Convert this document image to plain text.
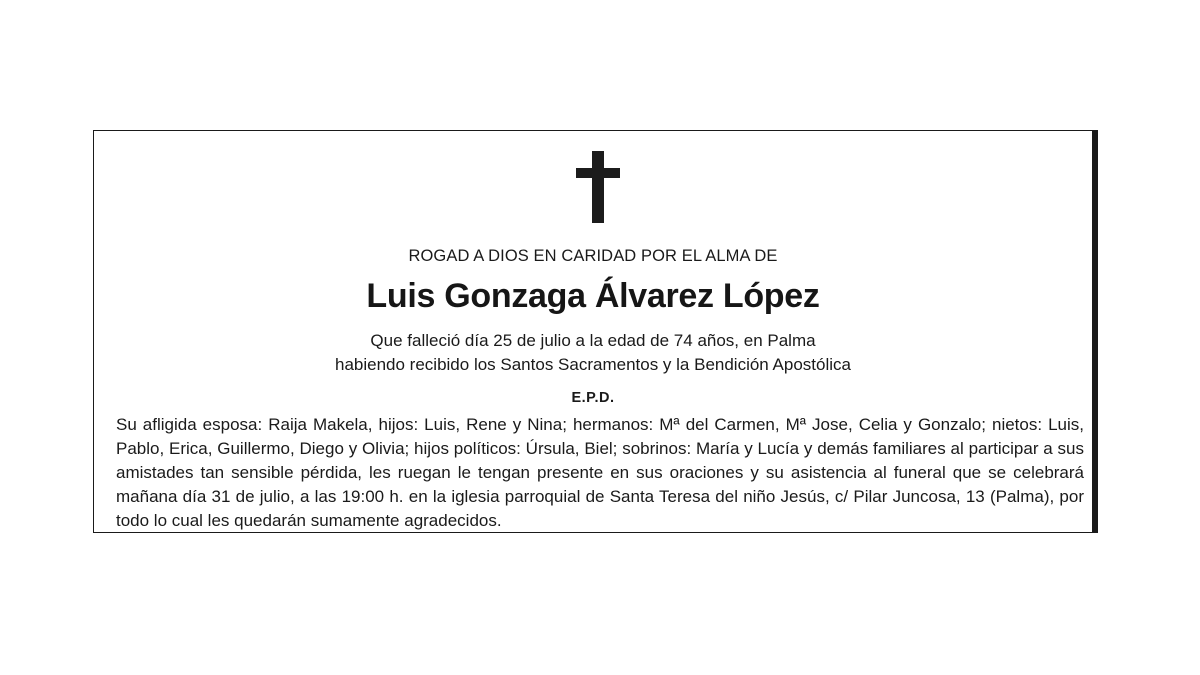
ROGAD A DIOS EN CARIDAD POR EL ALMA DE
Luis Gonzaga Álvarez López
Que falleció día 25 de julio a la edad de 74 años, en Palma
habiendo recibido los Santos Sacramentos y la Bendición Apostólica
E.P.D.
Su afligida esposa: Raija Makela, hijos: Luis, Rene y Nina; hermanos: Mª del Carmen, Mª Jose, Celia y Gonzalo; nietos: Luis, Pablo, Erica, Guillermo, Diego y Olivia; hijos políticos: Úrsula, Biel; sobrinos: María y Lucía y demás familiares al participar a sus amistades tan sensible pérdida, les ruegan le tengan presente en sus oraciones y su asistencia al funeral que se celebrará mañana día 31 de julio, a las 19:00 h. en la iglesia parroquial de Santa Teresa del niño Jesús, c/ Pilar Juncosa, 13 (Palma), por todo lo cual les quedarán sumamente agradecidos.
